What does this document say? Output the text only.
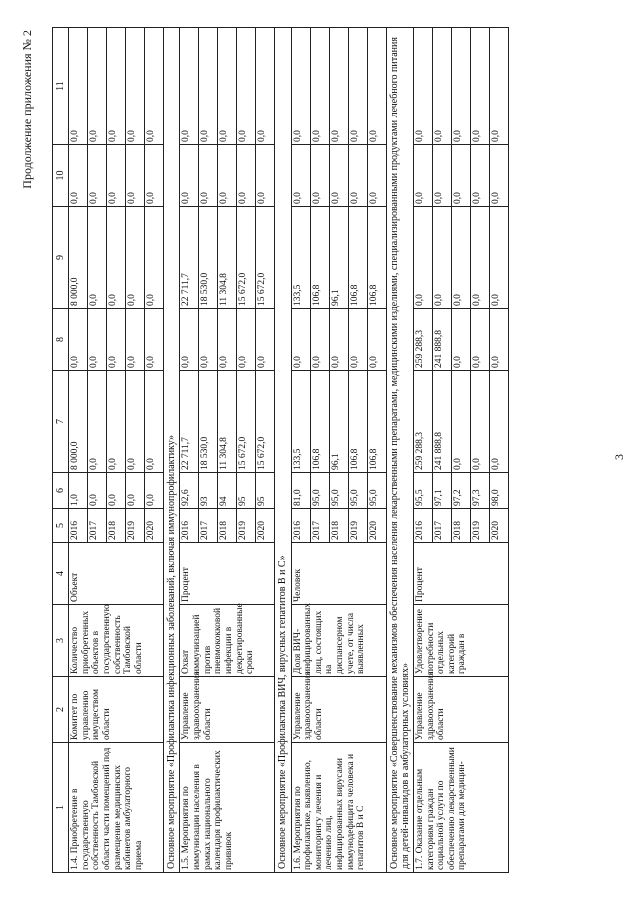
Продолжение приложения № 2
3
1	2	3	4	5	6	7	8	9	10	11
1.4. Приобретение в государственную собственность Тамбовской области части помещений под размещение медицинских кабинетов амбулаторного приема	Комитет по управлению имуществом области	Количество приобретенных объектов в государственную собственность Тамбовской области	Объект	2016	1,0	8 000,0	0,0	8 000,0	0,0	0,0
				2017	0,0	0,0	0,0	0,0	0,0	0,0
				2018	0,0	0,0	0,0	0,0	0,0	0,0
				2019	0,0	0,0	0,0	0,0	0,0	0,0
				2020	0,0	0,0	0,0	0,0	0,0	0,0
Основное мероприятие «Профилактика инфекционных заболеваний, включая иммунопрофилактику»										
1.5. Мероприятия по иммунизации населения в рамках национального календаря профилактических прививок	Управление здравоохранения области	Охват иммунизацией против пневмококковой инфекции в декретированные сроки	Процент	2016	92,6	22 711,7	0,0	22 711,7	0,0	0,0
				2017	93	18 530,0	0,0	18 530,0	0,0	0,0
				2018	94	11 304,8	0,0	11 304,8	0,0	0,0
				2019	95	15 672,0	0,0	15 672,0	0,0	0,0
				2020	95	15 672,0	0,0	15 672,0	0,0	0,0
Основное мероприятие «Профилактика ВИЧ, вирусных гепатитов В и С»										
1.6. Мероприятия по профилактике, выявлению, мониторингу лечения и лечению лиц, инфицированных вирусами иммунодефицита человека и гепатитов В и С	Управление здравоохранения области	Доля ВИЧ-инфицированных лиц, состоящих на диспансерном учете, от числа выявленных	Человек	2016	81,0	133,5	0,0	133,5	0,0	0,0
				2017	95,0	106,8	0,0	106,8	0,0	0,0
				2018	95,0	96,1	0,0	96,1	0,0	0,0
				2019	95,0	106,8	0,0	106,8	0,0	0,0
				2020	95,0	106,8	0,0	106,8	0,0	0,0
Основное мероприятие «Совершенствование механизмов обеспечения населения лекарственными препаратами, медицинскими изделиями, специализированными продуктами лечебного питания для детей-инвалидов в амбулаторных условиях»										
1.7. Оказание отдельным категориям граждан социальной услуги по обеспечению лекарственными препаратами для медицин-	Управление здравоохранения области	Удовлетворение потребности отдельных категорий граждан в	Процент	2016	95,5	259 288,3	259 288,3	0,0	0,0	0,0
				2017	97,1	241 888,8	241 888,8	0,0	0,0	0,0
				2018	97,2	0,0	0,0	0,0	0,0	0,0
				2019	97,3	0,0	0,0	0,0	0,0	0,0
				2020	98,0	0,0	0,0	0,0	0,0	0,0
